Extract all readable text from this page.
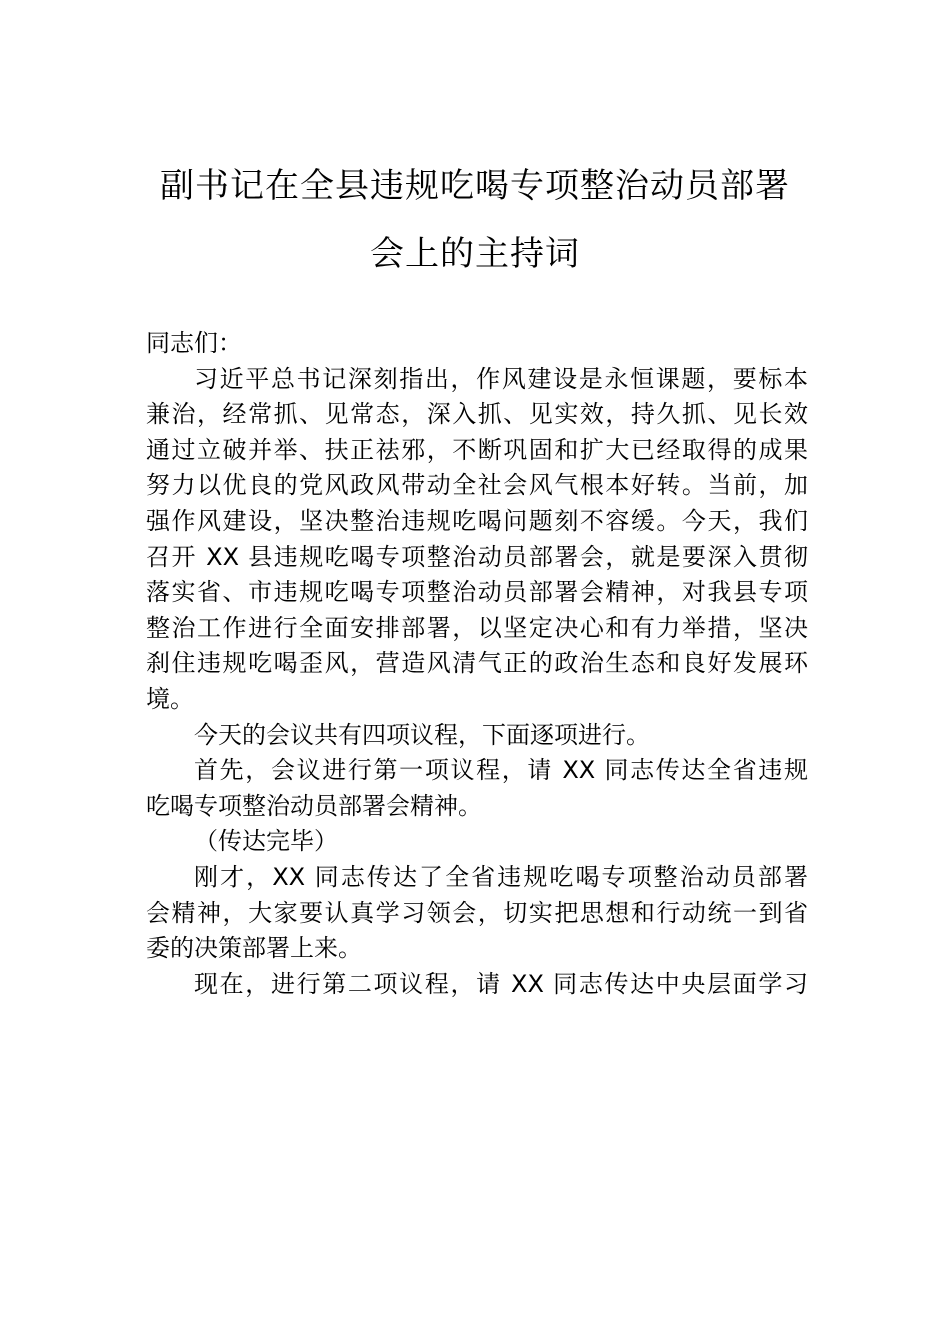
副书记在全县违规吃喝专项整治动员部署
会上的主持词
同志们：
习近平总书记深刻指出，作风建设是永恒课题，要标本
兼治，经常抓、见常态，深入抓、见实效，持久抓、见长效
通过立破并举、扶正祛邪，不断巩固和扩大已经取得的成果
努力以优良的党风政风带动全社会风气根本好转。当前，加
强作风建设，坚决整治违规吃喝问题刻不容缓。今天，我们
召开 XX 县违规吃喝专项整治动员部署会，就是要深入贯彻
落实省、市违规吃喝专项整治动员部署会精神，对我县专项
整治工作进行全面安排部署，以坚定决心和有力举措，坚决
刹住违规吃喝歪风，营造风清气正的政治生态和良好发展环
境。
今天的会议共有四项议程，下面逐项进行。
首先，会议进行第一项议程，请 XX 同志传达全省违规
吃喝专项整治动员部署会精神。
（传达完毕）
刚才，XX 同志传达了全省违规吃喝专项整治动员部署
会精神，大家要认真学习领会，切实把思想和行动统一到省
委的决策部署上来。
现在，进行第二项议程，请 XX 同志传达中央层面学习
